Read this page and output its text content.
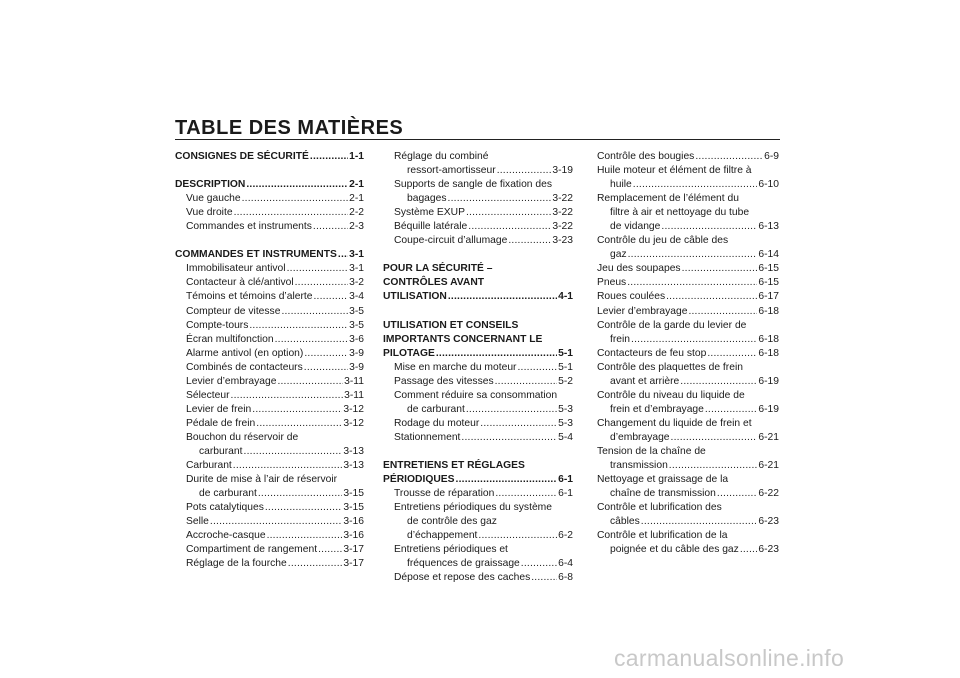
TABLE DES MATIÈRES
CONSIGNES DE SÉCURITÉ .....	1-1
DESCRIPTION .....	2-1
Vue gauche .....	2-1
Vue droite .....	2-2
Commandes et instruments .....	2-3
COMMANDES ET INSTRUMENTS ..... 3-1
Immobilisateur antivol .....	3-1
Contacteur à clé/antivol .....	3-2
Témoins et témoins d’alerte .....	3-4
Compteur de vitesse .....	3-5
Compte-tours .....	3-5
Écran multifonction .....	3-6
Alarme antivol (en option) .....	3-9
Combinés de contacteurs .....	3-9
Levier d’embrayage .....	3-11
Sélecteur .....	3-11
Levier de frein .....	3-12
Pédale de frein .....	3-12
Bouchon du réservoir de
carburant .....	3-13
Carburant .....	3-13
Durite de mise à l’air de réservoir
de carburant .....	3-15
Pots catalytiques .....	3-15
Selle .....	3-16
Accroche-casque .....	3-16
Compartiment de rangement .....	3-17
Réglage de la fourche .....	3-17
Réglage du combiné
ressort-amortisseur .....	3-19
Supports de sangle de fixation des
bagages .....	3-22
Système EXUP .....	3-22
Béquille latérale .....	3-22
Coupe-circuit d’allumage .....	3-23
POUR LA SÉCURITÉ –
CONTRÔLES AVANT
UTILISATION .....	4-1
UTILISATION ET CONSEILS
IMPORTANTS CONCERNANT LE
PILOTAGE .....	5-1
Mise en marche du moteur .....	5-1
Passage des vitesses .....	5-2
Comment réduire sa consommation
de carburant .....	5-3
Rodage du moteur .....	5-3
Stationnement .....	5-4
ENTRETIENS ET RÉGLAGES
PÉRIODIQUES .....	6-1
Trousse de réparation .....	6-1
Entretiens périodiques du système
de contrôle des gaz
d’échappement .....	6-2
Entretiens périodiques et
fréquences de graissage .....	6-4
Dépose et repose des caches .....	6-8
Contrôle des bougies .....	6-9
Huile moteur et élément de filtre à
huile .....	6-10
Remplacement de l’élément du
filtre à air et nettoyage du tube
de vidange .....	6-13
Contrôle du jeu de câble des
gaz .....	6-14
Jeu des soupapes .....	6-15
Pneus .....	6-15
Roues coulées .....	6-17
Levier d’embrayage .....	6-18
Contrôle de la garde du levier de
frein .....	6-18
Contacteurs de feu stop .....	6-18
Contrôle des plaquettes de frein
avant et arrière .....	6-19
Contrôle du niveau du liquide de
frein et d’embrayage .....	6-19
Changement du liquide de frein et
d’embrayage .....	6-21
Tension de la chaîne de
transmission .....	6-21
Nettoyage et graissage de la
chaîne de transmission .....	6-22
Contrôle et lubrification des
câbles .....	6-23
Contrôle et lubrification de la
poignée et du câble des gaz ..... 6-23
carmanualsonline.info
